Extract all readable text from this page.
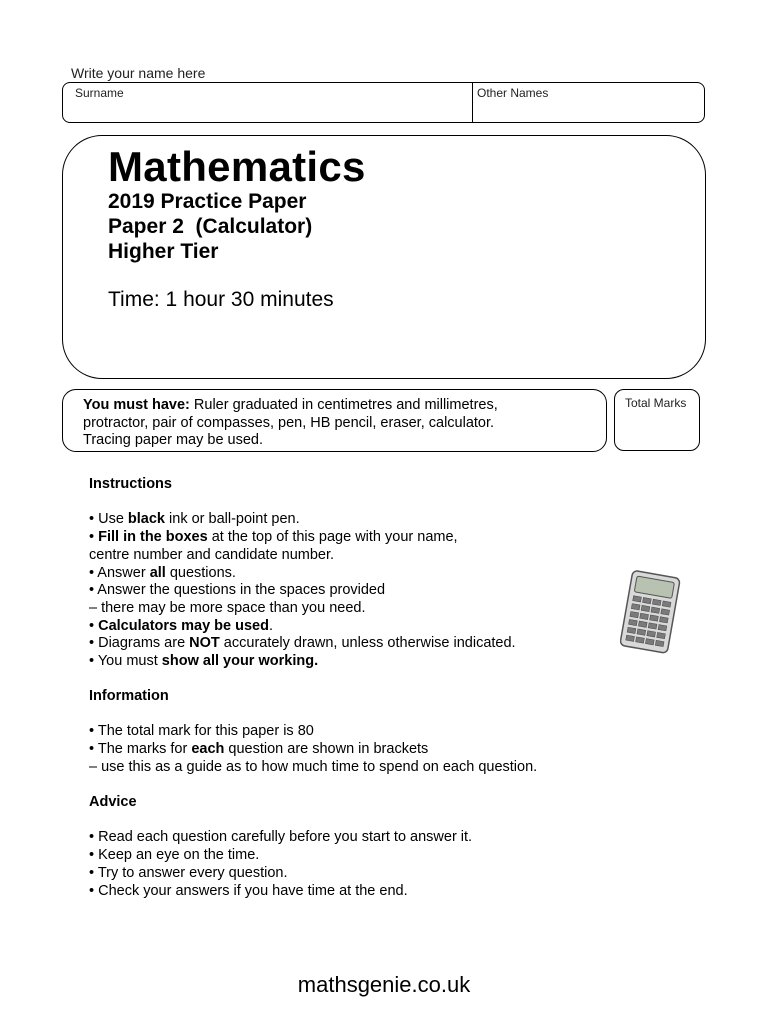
Write your name here
Surname	Other Names
Mathematics
2019 Practice Paper
Paper 2  (Calculator)
Higher Tier
Time: 1 hour 30 minutes
You must have: Ruler graduated in centimetres and millimetres,
protractor, pair of compasses, pen, HB pencil, eraser, calculator.
Tracing paper may be used.
Total Marks
Instructions

• Use black ink or ball-point pen.

• Fill in the boxes at the top of this page with your name,

centre number and candidate number.

• Answer all questions.

• Answer the questions in the spaces provided

– there may be more space than you need.

• Calculators may be used.

• Diagrams are NOT accurately drawn, unless otherwise indicated.

• You must show all your working.

Information

• The total mark for this paper is 80

• The marks for each question are shown in brackets

– use this as a guide as to how much time to spend on each question.

Advice

• Read each question carefully before you start to answer it.

• Keep an eye on the time.

• Try to answer every question.

• Check your answers if you have time at the end.

mathsgenie.co.uk
